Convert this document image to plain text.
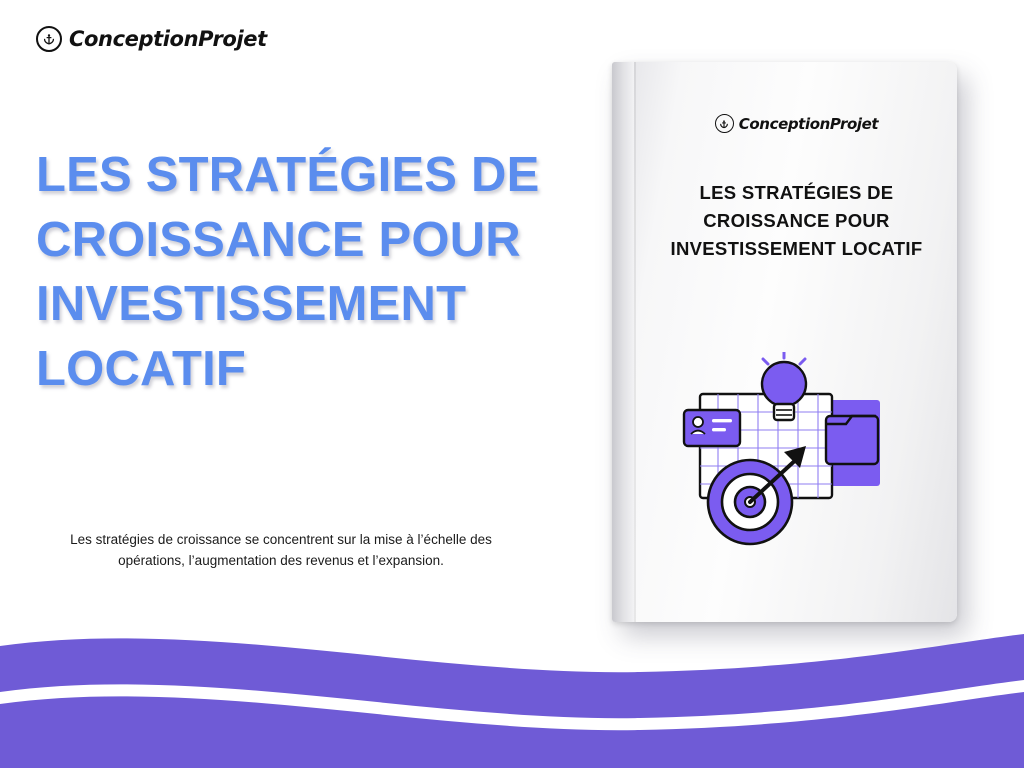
ConceptionProjet
LES STRATÉGIES DE CROISSANCE POUR INVESTISSEMENT LOCATIF

Les stratégies de croissance se concentrent sur la mise à l’échelle des opérations, l’augmentation des revenus et l’expansion.

ConceptionProjet
LES STRATÉGIES DE CROISSANCE POUR INVESTISSEMENT LOCATIF
